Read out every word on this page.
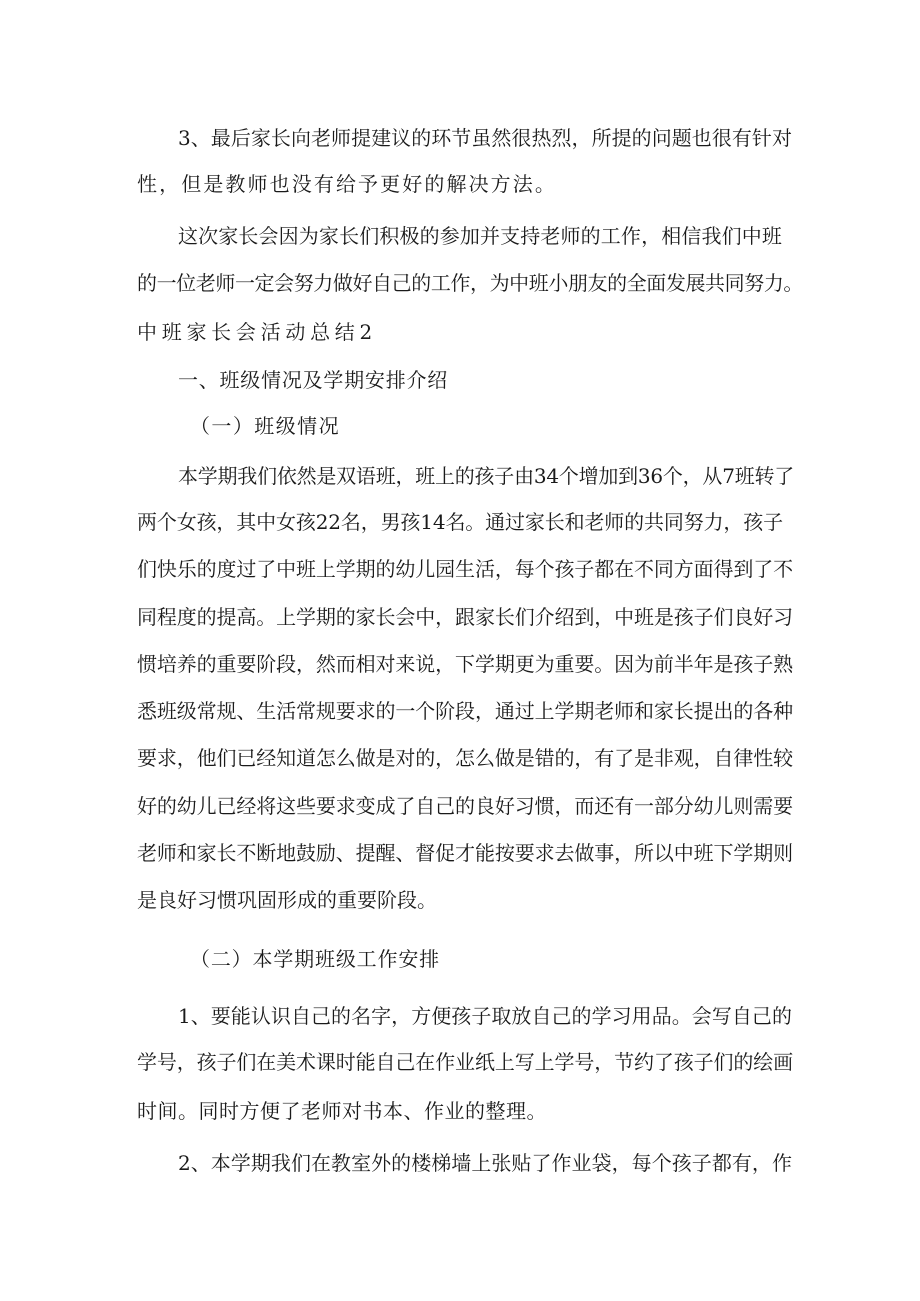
3、最后家长向老师提建议的环节虽然很热烈，所提的问题也很有针对
性，但是教师也没有给予更好的解决方法。
这次家长会因为家长们积极的参加并支持老师的工作，相信我们中班
的一位老师一定会努力做好自己的工作，为中班小朋友的全面发展共同努力。
中班家长会活动总结2
一、班级情况及学期安排介绍
（一）班级情况
本学期我们依然是双语班，班上的孩子由34个增加到36个，从7班转了
两个女孩，其中女孩22名，男孩14名。通过家长和老师的共同努力，孩子
们快乐的度过了中班上学期的幼儿园生活，每个孩子都在不同方面得到了不
同程度的提高。上学期的家长会中，跟家长们介绍到，中班是孩子们良好习
惯培养的重要阶段，然而相对来说，下学期更为重要。因为前半年是孩子熟
悉班级常规、生活常规要求的一个阶段，通过上学期老师和家长提出的各种
要求，他们已经知道怎么做是对的，怎么做是错的，有了是非观，自律性较
好的幼儿已经将这些要求变成了自己的良好习惯，而还有一部分幼儿则需要
老师和家长不断地鼓励、提醒、督促才能按要求去做事，所以中班下学期则
是良好习惯巩固形成的重要阶段。
（二）本学期班级工作安排
1、要能认识自己的名字，方便孩子取放自己的学习用品。会写自己的
学号，孩子们在美术课时能自己在作业纸上写上学号，节约了孩子们的绘画
时间。同时方便了老师对书本、作业的整理。
2、本学期我们在教室外的楼梯墙上张贴了作业袋，每个孩子都有，作
